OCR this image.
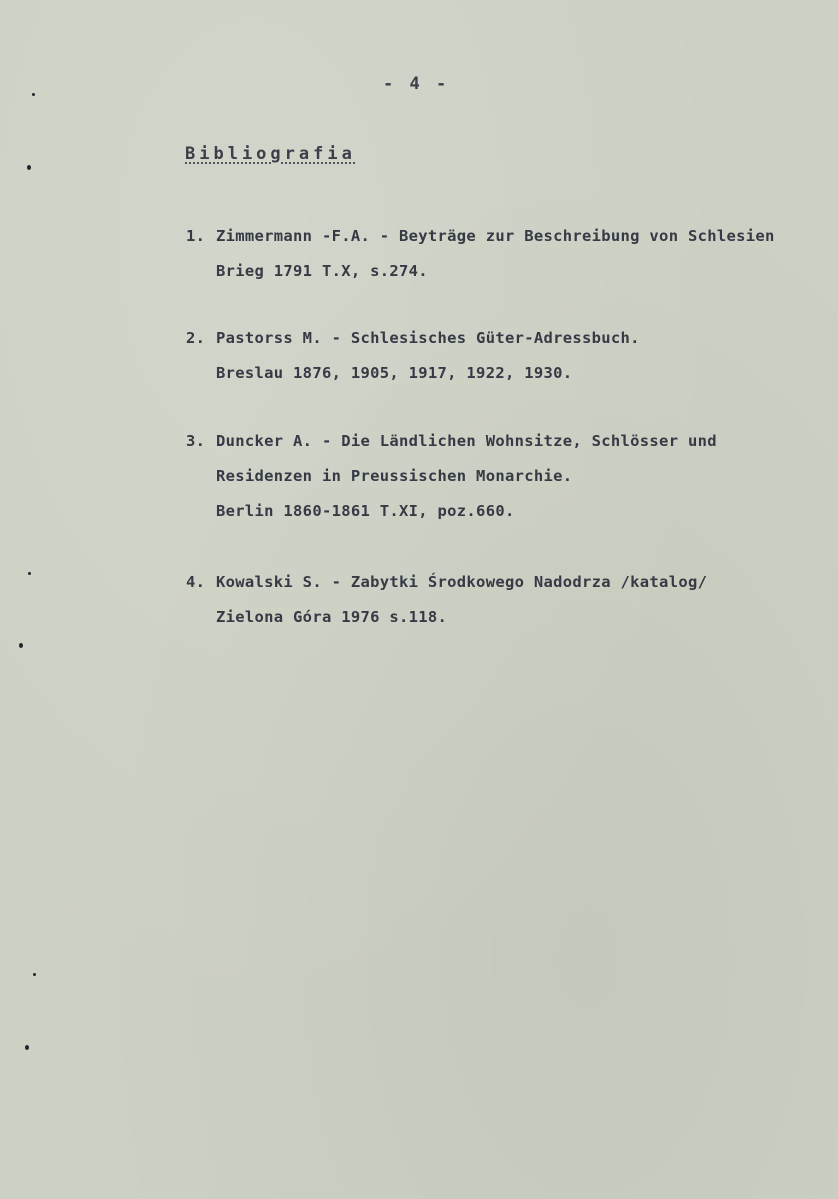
- 4 -
Bibliografia
1. Zimmermann -F.A. - Beyträge zur Beschreibung von Schlesien
Brieg 1791 T.X, s.274.
2. Pastorss M. - Schlesisches Güter-Adressbuch.
Breslau 1876, 1905, 1917, 1922, 1930.
3. Duncker A. - Die Ländlichen Wohnsitze, Schlösser und
Residenzen in Preussischen Monarchie.
Berlin 1860-1861 T.XI, poz.660.
4. Kowalski S. - Zabytki Środkowego Nadodrza /katalog/
Zielona Góra 1976 s.118.
